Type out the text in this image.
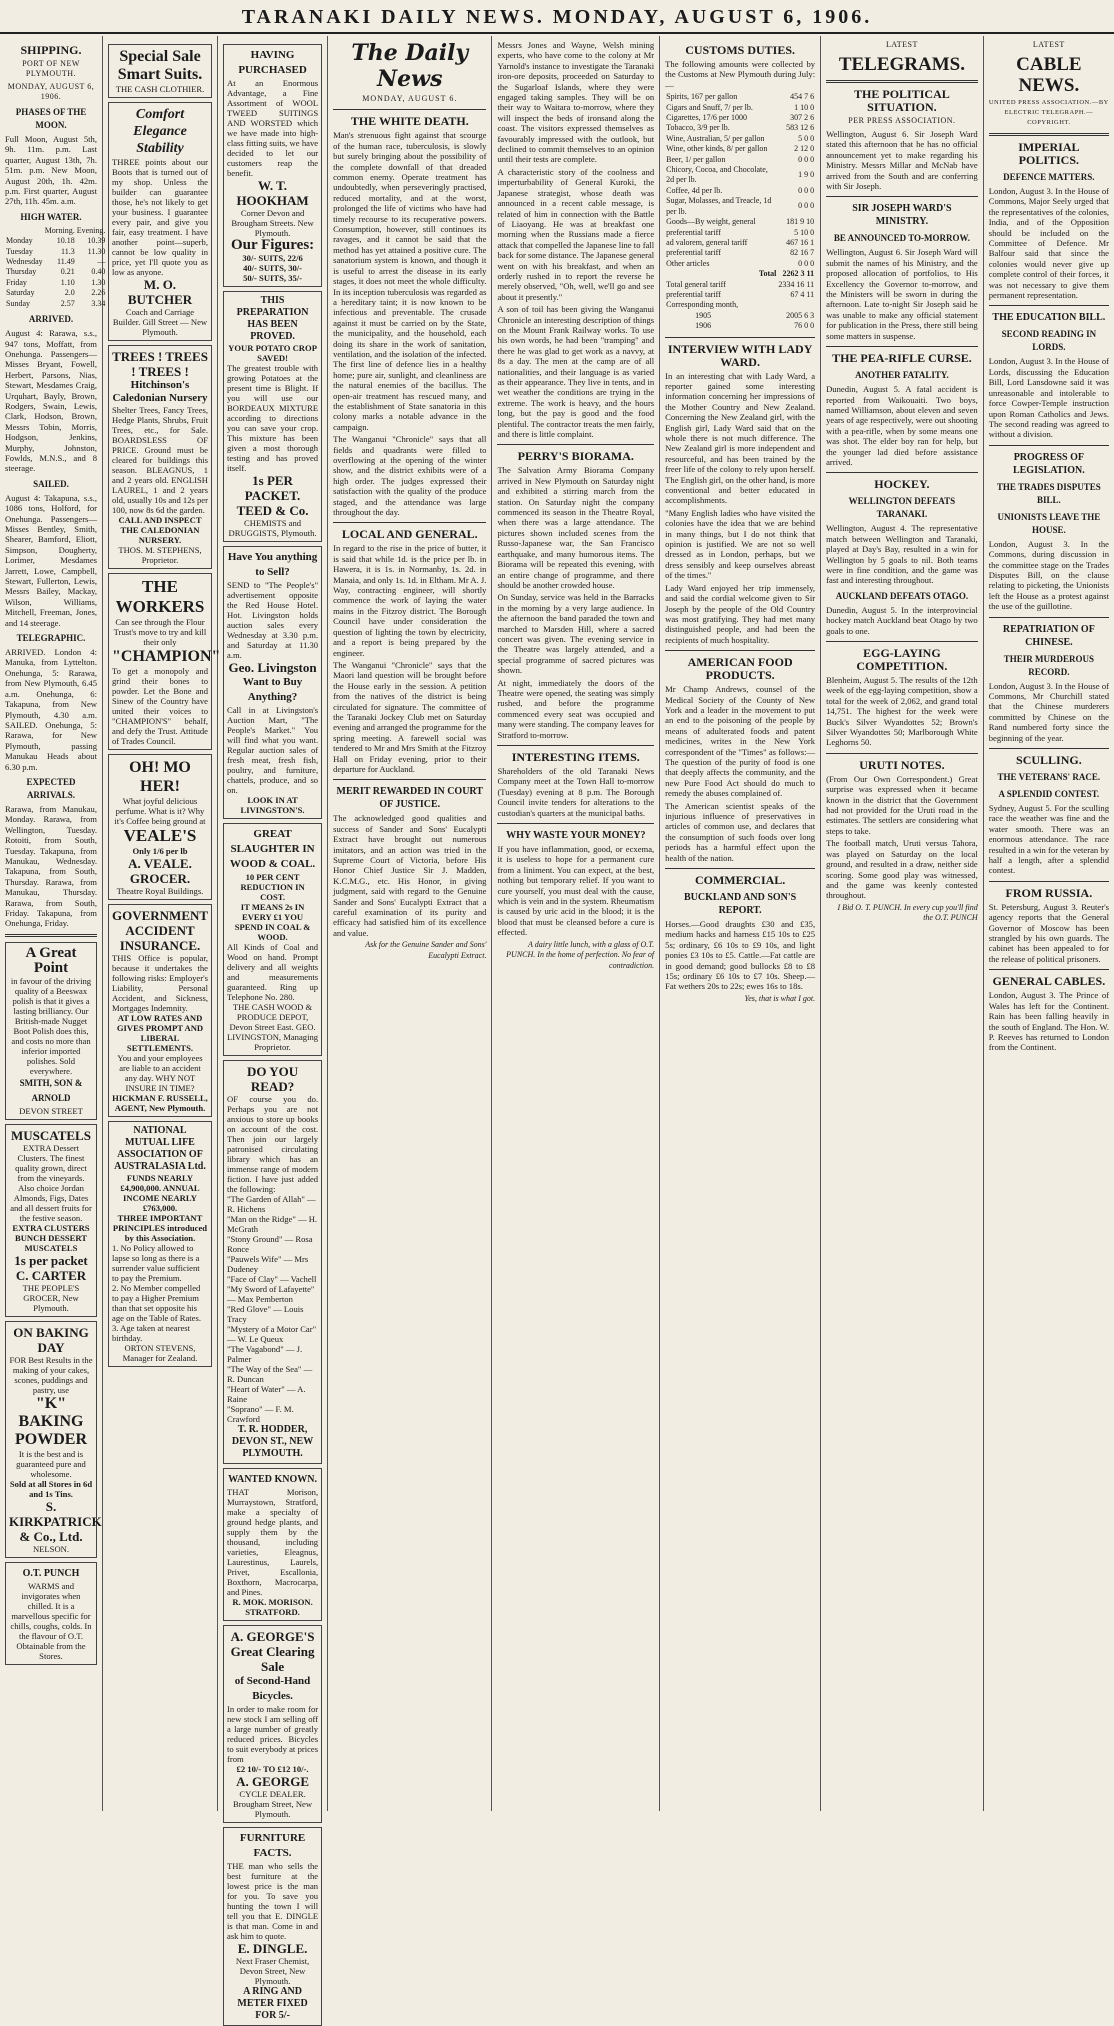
TARANAKI DAILY NEWS. MONDAY, AUGUST 6, 1906.
SHIPPING.
PORT OF NEW PLYMOUTH.
MONDAY, AUGUST 6, 1906.
PHASES OF THE MOON.
Full Moon, August 5th, 9h. 11m. p.m. Last quarter, August 13th, 7h. 51m. p.m. New Moon, August 20th, 1h. 42m. p.m. First quarter, August 27th, 11h. 45m. a.m.
HIGH WATER.
	Morning.	Evening.
Monday	10.18	10.39
Tuesday	11.3	11.30
Wednesday	11.49	—
Thursday	0.21	0.40
Friday	1.10	1.30
Saturday	2.0	2.26
Sunday	2.57	3.34
ARRIVED.
August 4: Rarawa, s.s., 947 tons, Moffatt, from Onehunga. Passengers—Misses Bryant, Fowell, Herbert, Parsons, Nias, Stewart, Mesdames Craig, Urquhart, Bayly, Brown, Rodgers, Swain, Lewis, Clark, Hodson, Brown, Messrs Tobin, Morris, Hodgson, Jenkins, Murphy, Johnston, Fowlds, M.N.S., and 8 steerage.
SAILED.
August 4: Takapuna, s.s., 1086 tons, Holford, for Onehunga. Passengers—Misses Bentley, Smith, Shearer, Bamford, Eliott, Simpson, Dougherty, Lorimer, Mesdames Jarrett, Lowe, Campbell, Stewart, Fullerton, Lewis, Messrs Bailey, Mackay, Wilson, Williams, Mitchell, Freeman, Jones, and 14 steerage.
TELEGRAPHIC.
ARRIVED. London 4: Manuka, from Lyttelton. Onehunga, 5: Rarawa, from New Plymouth, 6.45 a.m. Onehunga, 6: Takapuna, from New Plymouth, 4.30 a.m. SAILED. Onehunga, 5: Rarawa, for New Plymouth, passing Manukau Heads about 6.30 p.m.
EXPECTED ARRIVALS.
Rarawa, from Manukau, Monday. Rarawa, from Wellington, Tuesday. Rotoiti, from South, Tuesday. Takapuna, from Manukau, Wednesday. Takapuna, from South, Thursday. Rarawa, from Manukau, Thursday. Rarawa, from South, Friday. Takapuna, from Onehunga, Friday.
A Great Point
in favour of the driving quality of a Beeswax polish is that it gives a lasting brilliancy. Our British-made Nugget Boot Polish does this, and costs no more than inferior imported polishes. Sold everywhere.
SMITH, SON & ARNOLD
DEVON STREET
MUSCATELS
EXTRA Dessert Clusters. The finest quality grown, direct from the vineyards. Also choice Jordan Almonds, Figs, Dates and all dessert fruits for the festive season.
EXTRA CLUSTERS BUNCH DESSERT MUSCATELS
1s per packet
C. CARTER
THE PEOPLE'S GROCER, New Plymouth.
ON BAKING DAY
FOR Best Results in the making of your cakes, scones, puddings and pastry, use
"K" BAKING POWDER
It is the best and is guaranteed pure and wholesome.
Sold at all Stores in 6d and 1s Tins.
S. KIRKPATRICK & Co., Ltd.
NELSON.
O.T. PUNCH
WARMS and invigorates when chilled. It is a marvellous specific for chills, coughs, colds. In the flavour of O.T. Obtainable from the Stores.
Special Sale
Smart Suits.
THE CASH CLOTHIER.
Comfort Elegance Stability
THREE points about our Boots that is turned out of my shop. Unless the builder can guarantee those, he's not likely to get your business. I guarantee every pair, and give you fair, easy treatment. I have another point—superb, cannot be low quality in price, yet I'll quote you as low as anyone.
M. O. BUTCHER
Coach and Carriage Builder. Gill Street — New Plymouth.
TREES ! TREES ! TREES !
Hitchinson's Caledonian Nursery
Shelter Trees, Fancy Trees, Hedge Plants, Shrubs, Fruit Trees, etc., for Sale. BOARDSLESS OF PRICE. Ground must be cleared for buildings this season. BLEAGNUS, 1 and 2 years old. ENGLISH LAUREL, 1 and 2 years old, usually 10s and 12s per 100, now 8s 6d the garden.
CALL AND INSPECT THE CALEDONIAN NURSERY.
THOS. M. STEPHENS, Proprietor.
THE WORKERS
Can see through the Flour Trust's move to try and kill their only
"CHAMPION"
To get a monopoly and grind their bones to powder. Let the Bone and Sinew of the Country have united their voices to "CHAMPION'S" behalf, and defy the Trust. Attitude of Trades Council.
OH! MO HER!
What joyful delicious perfume. What is it? Why it's Coffee being ground at
VEALE'S
Only 1/6 per lb
A. VEALE. GROCER.
Theatre Royal Buildings.
GOVERNMENT ACCIDENT INSURANCE.
THIS Office is popular, because it undertakes the following risks: Employer's Liability, Personal Accident, and Sickness, Mortgages Indemnity.
AT LOW RATES AND GIVES PROMPT AND LIBERAL SETTLEMENTS.
You and your employees are liable to an accident any day. WHY NOT INSURE IN TIME?
HICKMAN F. RUSSELL, AGENT, New Plymouth.
NATIONAL MUTUAL LIFE ASSOCIATION OF AUSTRALASIA Ltd.
FUNDS NEARLY £4,900,000. ANNUAL INCOME NEARLY £763,000.
THREE IMPORTANT PRINCIPLES introduced by this Association.
1. No Policy allowed to lapse so long as there is a surrender value sufficient to pay the Premium.
2. No Member compelled to pay a Higher Premium than that set opposite his age on the Table of Rates.
3. Age taken at nearest birthday.
ORTON STEVENS, Manager for Zealand.
HAVING PURCHASED
At an Enormous Advantage, a Fine Assortment of WOOL TWEED SUITINGS AND WORSTED which we have made into high-class fitting suits, we have decided to let our customers reap the benefit.
W. T. HOOKHAM
Corner Devon and Brougham Streets. New Plymouth.
Our Figures:
30/- SUITS, 22/6
40/- SUITS, 30/-
50/- SUITS, 35/-
THIS PREPARATION HAS BEEN PROVED.
YOUR POTATO CROP SAVED!
The greatest trouble with growing Potatoes at the present time is Blight. If you will use our BORDEAUX MIXTURE according to directions you can save your crop. This mixture has been given a most thorough testing and has proved itself.
1s PER PACKET.
TEED & Co.
CHEMISTS and DRUGGISTS, Plymouth.
Have You anything to Sell?
SEND to "The People's" advertisement opposite the Red House Hotel. Hot. Livingston holds auction sales every Wednesday at 3.30 p.m. and Saturday at 11.30 a.m.
Geo. Livingston
Want to Buy Anything?
Call in at Livingston's Auction Mart, "The People's Market." You will find what you want. Regular auction sales of fresh meat, fresh fish, poultry, and furniture, chattels, produce, and so on.
LOOK IN AT LIVINGSTON'S.
GREAT SLAUGHTER IN WOOD & COAL.
10 PER CENT REDUCTION IN COST.
IT MEANS 2s IN EVERY £1 YOU SPEND IN COAL & WOOD.
All Kinds of Coal and Wood on hand. Prompt delivery and all weights and measurements guaranteed. Ring up Telephone No. 280.
THE CASH WOOD & PRODUCE DEPOT, Devon Street East. GEO. LIVINGSTON, Managing Proprietor.
DO YOU READ?
OF course you do. Perhaps you are not anxious to store up books on account of the cost. Then join our largely patronised circulating library which has an immense range of modern fiction. I have just added the following:
"The Garden of Allah" — R. Hichens
"Man on the Ridge" — H. McGrath
"Stony Ground" — Rosa Ronce
"Pauwels Wife" — Mrs Dudeney
"Face of Clay" — Vachell
"My Sword of Lafayette" — Max Pemberton
"Red Glove" — Louis Tracy
"Mystery of a Motor Car" — W. Le Queux
"The Vagabond" — J. Palmer
"The Way of the Sea" — R. Duncan
"Heart of Water" — A. Raine
"Soprano" — F. M. Crawford
T. R. HODDER, DEVON ST., NEW PLYMOUTH.
WANTED KNOWN.
THAT Morison, Murraystown, Stratford, make a specialty of ground hedge plants, and supply them by the thousand, including varieties, Eleagnus, Laurestinus, Laurels, Privet, Escallonia, Boxthorn, Macrocarpa, and Pines.
R. MOK. MORISON. STRATFORD.
A. GEORGE'S Great Clearing Sale
of Second-Hand Bicycles.
In order to make room for new stock I am selling off a large number of greatly reduced prices. Bicycles to suit everybody at prices from
£2 10/- TO £12 10/-.
A. GEORGE
CYCLE DEALER. Brougham Street, New Plymouth.
FURNITURE FACTS.
THE man who sells the best furniture at the lowest price is the man for you. To save you hunting the town I will tell you that E. DINGLE is that man. Come in and ask him to quote.
E. DINGLE.
Next Fraser Chemist, Devon Street, New Plymouth.
A RING AND METER FIXED FOR 5/-
The Daily News
MONDAY, AUGUST 6.
THE WHITE DEATH.
Man's strenuous fight against that scourge of the human race, tuberculosis, is slowly but surely bringing about the possibility of the complete downfall of that dreaded common enemy. Operate treatment has undoubtedly, when perseveringly practised, reduced mortality, and at the worst, prolonged the life of victims who have had timely recourse to its recuperative powers. Consumption, however, still continues its ravages, and it cannot be said that the method has yet attained a positive cure. The sanatorium system is known, and though it is useful to arrest the disease in its early stages, it does not meet the whole difficulty. In its inception tuberculosis was regarded as a hereditary taint; it is now known to be infectious and preventable. The crusade against it must be carried on by the State, the municipality, and the household, each doing its share in the work of sanitation, ventilation, and the isolation of the infected. The first line of defence lies in a healthy home; pure air, sunlight, and cleanliness are the natural enemies of the bacillus. The open-air treatment has rescued many, and the establishment of State sanatoria in this colony marks a notable advance in the campaign.
The Wanganui "Chronicle" says that all fields and quadrants were filled to overflowing at the opening of the winter show, and the district exhibits were of a high order. The judges expressed their satisfaction with the quality of the produce staged, and the attendance was large throughout the day.
LOCAL AND GENERAL.
In regard to the rise in the price of butter, it is said that while 1d. is the price per lb. in Hawera, it is 1s. in Normanby, 1s. 2d. in Manaia, and only 1s. 1d. in Eltham. Mr A. J. Way, contracting engineer, will shortly commence the work of laying the water mains in the Fitzroy district. The Borough Council have under consideration the question of lighting the town by electricity, and a report is being prepared by the engineer.
The Wanganui "Chronicle" says that the Maori land question will be brought before the House early in the session. A petition from the natives of the district is being circulated for signature. The committee of the Taranaki Jockey Club met on Saturday evening and arranged the programme for the spring meeting. A farewell social was tendered to Mr and Mrs Smith at the Fitzroy Hall on Friday evening, prior to their departure for Auckland.
MERIT REWARDED IN COURT OF JUSTICE.
The acknowledged good qualities and success of Sander and Sons' Eucalypti Extract have brought out numerous imitators, and an action was tried in the Supreme Court of Victoria, before His Honor Chief Justice Sir J. Madden, K.C.M.G., etc. His Honor, in giving judgment, said with regard to the Genuine Sander and Sons' Eucalypti Extract that a careful examination of its purity and efficacy had satisfied him of its excellence and value.
Ask for the Genuine Sander and Sons' Eucalypti Extract.
Messrs Jones and Wayne, Welsh mining experts, who have come to the colony at Mr Yarnold's instance to investigate the Taranaki iron-ore deposits, proceeded on Saturday to the Sugarloaf Islands, where they were engaged taking samples. They will be on their way to Waitara to-morrow, where they will inspect the beds of ironsand along the coast. The visitors expressed themselves as favourably impressed with the outlook, but declined to commit themselves to an opinion until their tests are complete.
A characteristic story of the coolness and imperturbability of General Kuroki, the Japanese strategist, whose death was announced in a recent cable message, is related of him in connection with the Battle of Liaoyang. He was at breakfast one morning when the Russians made a fierce attack that compelled the Japanese line to fall back for some distance. The Japanese general went on with his breakfast, and when an orderly rushed in to report the reverse he merely observed, "Oh, well, we'll go and see about it presently."
A son of toil has been giving the Wanganui Chronicle an interesting description of things on the Mount Frank Railway works. To use his own words, he had been "tramping" and there he was glad to get work as a navvy, at 8s a day. The men at the camp are of all nationalities, and their language is as varied as their appearance. They live in tents, and in wet weather the conditions are trying in the extreme. The work is heavy, and the hours long, but the pay is good and the food plentiful. The contractor treats the men fairly, and there is little complaint.
PERRY'S BIORAMA.
The Salvation Army Biorama Company arrived in New Plymouth on Saturday night and exhibited a stirring march from the station. On Saturday night the company commenced its season in the Theatre Royal, when there was a large attendance. The pictures shown included scenes from the Russo-Japanese war, the San Francisco earthquake, and many humorous items. The Biorama will be repeated this evening, with an entire change of programme, and there should be another crowded house.
On Sunday, service was held in the Barracks in the morning by a very large audience. In the afternoon the band paraded the town and marched to Marsden Hill, where a sacred concert was given. The evening service in the Theatre was largely attended, and a special programme of sacred pictures was shown.
At night, immediately the doors of the Theatre were opened, the seating was simply rushed, and before the programme commenced every seat was occupied and many were standing. The company leaves for Stratford to-morrow.
INTERESTING ITEMS.
Shareholders of the old Taranaki News Company meet at the Town Hall to-morrow (Tuesday) evening at 8 p.m. The Borough Council invite tenders for alterations to the custodian's quarters at the municipal baths.
WHY WASTE YOUR MONEY?
If you have inflammation, good, or ecxema, it is useless to hope for a permanent cure from a liniment. You can expect, at the best, nothing but temporary relief. If you want to cure yourself, you must deal with the cause, which is vein and in the system. Rheumatism is caused by uric acid in the blood; it is the blood that must be cleansed before a cure is effected.
A dairy little lunch, with a glass of O.T. PUNCH. In the home of perfection. No fear of contradiction.
CUSTOMS DUTIES.
The following amounts were collected by the Customs at New Plymouth during July:—
Spirits, 167 per gallon	454 7 6
Cigars and Snuff, 7/ per lb.	1 10 0
Cigarettes, 17/6 per 1000	307 2 6
Tobacco, 3/9 per lb.	583 12 6
Wine, Australian, 5/ per gallon	5 0 0
Wine, other kinds, 8/ per gallon	2 12 0
Beer, 1/ per gallon	0 0 0
Chicory, Cocoa, and Chocolate, 2d per lb.	1 9 0
Coffee, 4d per lb.	0 0 0
Sugar, Molasses, and Treacle, 1d per lb.	0 0 0
Goods—By weight, general	181 9 10
preferential tariff	5 10 0
ad valorem, general tariff	467 16 1
preferential tariff	82 16 7
Other articles	0 0 0
Total	2262 3 11
Total general tariff	2334 16 11
preferential tariff	67 4 11
Corresponding month,	
1905	2005 6 3
1906	76 0 0
INTERVIEW WITH LADY WARD.
In an interesting chat with Lady Ward, a reporter gained some interesting information concerning her impressions of the Mother Country and New Zealand. Concerning the New Zealand girl, with the English girl, Lady Ward said that on the whole there is not much difference. The New Zealand girl is more independent and resourceful, and has been trained by the freer life of the colony to rely upon herself. The English girl, on the other hand, is more conventional and better educated in accomplishments.
"Many English ladies who have visited the colonies have the idea that we are behind in many things, but I do not think that opinion is justified. We are not so well dressed as in London, perhaps, but we dress sensibly and keep ourselves abreast of the times."
Lady Ward enjoyed her trip immensely, and said the cordial welcome given to Sir Joseph by the people of the Old Country was most gratifying. They had met many distinguished people, and had been the recipients of much hospitality.
AMERICAN FOOD PRODUCTS.
Mr Champ Andrews, counsel of the Medical Society of the County of New York and a leader in the movement to put an end to the poisoning of the people by means of adulterated foods and patent medicines, writes in the New York correspondent of the "Times" as follows:—The question of the purity of food is one that deeply affects the community, and the new Pure Food Act should do much to remedy the abuses complained of.
The American scientist speaks of the injurious influence of preservatives in articles of common use, and declares that the consumption of such foods over long periods has a harmful effect upon the health of the nation.
COMMERCIAL.
BUCKLAND AND SON'S REPORT.
Horses.—Good draughts £30 and £35, medium hacks and harness £15 10s to £25 5s; ordinary, £6 10s to £9 10s, and light ponies £3 10s to £5. Cattle.—Fat cattle are in good demand; good bullocks £8 to £8 15s; ordinary £6 10s to £7 10s. Sheep.—Fat wethers 20s to 22s; ewes 16s to 18s.
Yes, that is what I got.
LATEST
TELEGRAMS.
THE POLITICAL SITUATION.
PER PRESS ASSOCIATION.
Wellington, August 6. Sir Joseph Ward stated this afternoon that he has no official announcement yet to make regarding his Ministry. Messrs Millar and McNab have arrived from the South and are conferring with Sir Joseph.
SIR JOSEPH WARD'S MINISTRY.
BE ANNOUNCED TO-MORROW.
Wellington, August 6. Sir Joseph Ward will submit the names of his Ministry, and the proposed allocation of portfolios, to His Excellency the Governor to-morrow, and the Ministers will be sworn in during the afternoon. Late to-night Sir Joseph said he was unable to make any official statement for publication in the Press, there still being some matters in suspense.
THE PEA-RIFLE CURSE.
ANOTHER FATALITY.
Dunedin, August 5. A fatal accident is reported from Waikouaiti. Two boys, named Williamson, about eleven and seven years of age respectively, were out shooting with a pea-rifle, when by some means one was shot. The elder boy ran for help, but the younger lad died before assistance arrived.
HOCKEY.
WELLINGTON DEFEATS TARANAKI.
Wellington, August 4. The representative match between Wellington and Taranaki, played at Day's Bay, resulted in a win for Wellington by 5 goals to nil. Both teams were in fine condition, and the game was fast and interesting throughout.
AUCKLAND DEFEATS OTAGO.
Dunedin, August 5. In the interprovincial hockey match Auckland beat Otago by two goals to one.
EGG-LAYING COMPETITION.
Blenheim, August 5. The results of the 12th week of the egg-laying competition, show a total for the week of 2,062, and grand total 14,751. The highest for the week were Buck's Silver Wyandottes 52; Brown's Silver Wyandottes 50; Marlborough White Leghorns 50.
URUTI NOTES.
(From Our Own Correspondent.) Great surprise was expressed when it became known in the district that the Government had not provided for the Uruti road in the estimates. The settlers are considering what steps to take.
The football match, Uruti versus Tahora, was played on Saturday on the local ground, and resulted in a draw, neither side scoring. Some good play was witnessed, and the game was keenly contested throughout.
I Bid O. T. PUNCH. In every cup you'll find the O.T. PUNCH
LATEST
CABLE NEWS.
UNITED PRESS ASSOCIATION.—BY ELECTRIC TELEGRAPH.—COPYRIGHT.
IMPERIAL POLITICS.
DEFENCE MATTERS.
London, August 3. In the House of Commons, Major Seely urged that the representatives of the colonies, India, and of the Opposition should be included on the Committee of Defence. Mr Balfour said that since the colonies would never give up complete control of their forces, it was not necessary to give them permanent representation.
THE EDUCATION BILL.
SECOND READING IN LORDS.
London, August 3. In the House of Lords, discussing the Education Bill, Lord Lansdowne said it was unreasonable and intolerable to force Cowper-Temple instruction upon Roman Catholics and Jews. The second reading was agreed to without a division.
PROGRESS OF LEGISLATION.
THE TRADES DISPUTES BILL.
UNIONISTS LEAVE THE HOUSE.
London, August 3. In the Commons, during discussion in the committee stage on the Trades Disputes Bill, on the clause relating to picketing, the Unionists left the House as a protest against the use of the guillotine.
REPATRIATION OF CHINESE.
THEIR MURDEROUS RECORD.
London, August 3. In the House of Commons, Mr Churchill stated that the Chinese murderers committed by Chinese on the Rand numbered forty since the beginning of the year.
SCULLING.
THE VETERANS' RACE.
A SPLENDID CONTEST.
Sydney, August 5. For the sculling race the weather was fine and the water smooth. There was an enormous attendance. The race resulted in a win for the veteran by half a length, after a splendid contest.
FROM RUSSIA.
St. Petersburg, August 3. Reuter's agency reports that the General Governor of Moscow has been strangled by his own guards. The cabinet has been appealed to for the release of political prisoners.
GENERAL CABLES.
London, August 3. The Prince of Wales has left for the Continent. Rain has been falling heavily in the south of England. The Hon. W. P. Reeves has returned to London from the Continent.
